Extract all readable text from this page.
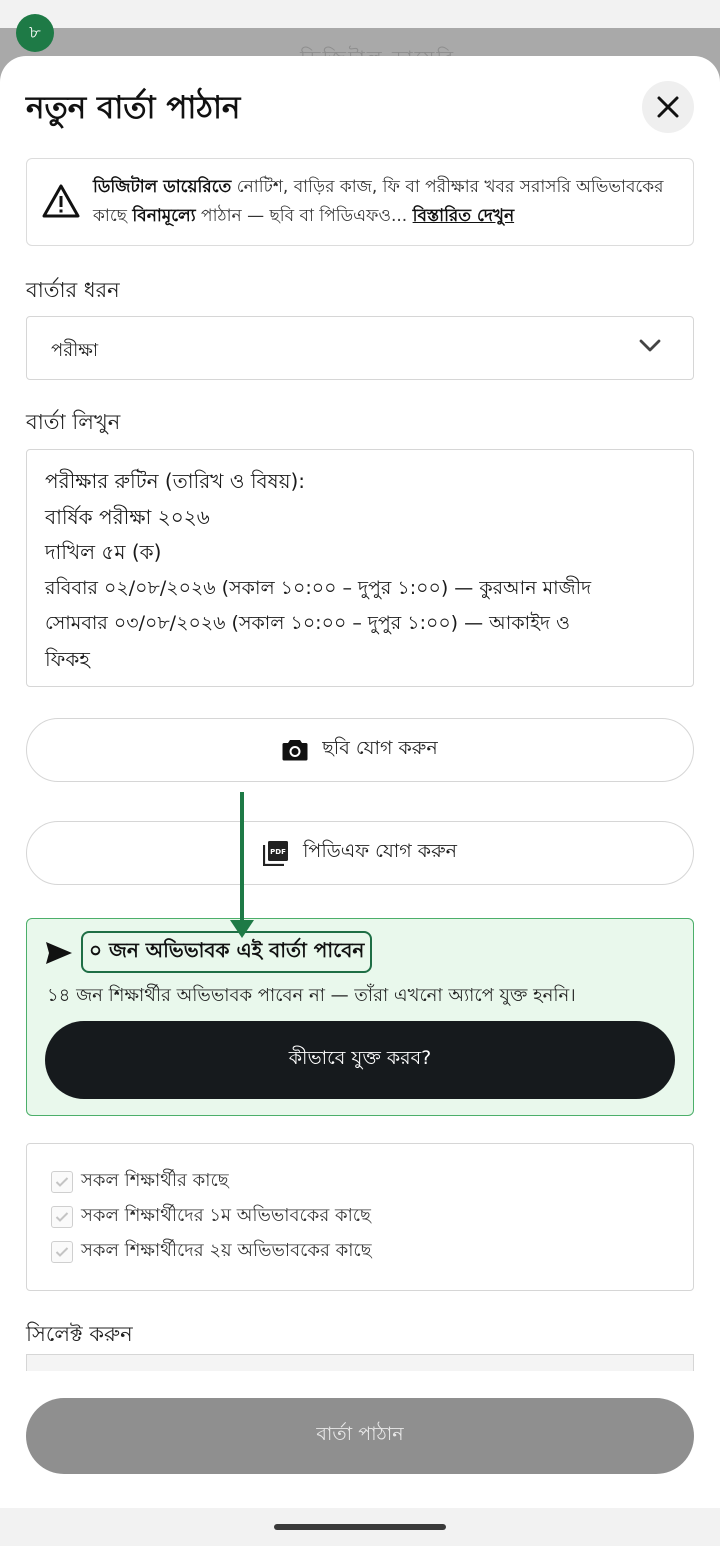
৮
নতুন বার্তা পাঠান
ডিজিটাল ডায়েরিতে নোটিশ, বাড়ির কাজ, ফি বা পরীক্ষার খবর সরাসরি অভিভাবকের কাছে বিনামূল্যে পাঠান — ছবি বা পিডিএফও... বিস্তারিত দেখুন
বার্তার ধরন
পরীক্ষা
বার্তা লিখুন
পরীক্ষার রুটিন (তারিখ ও বিষয়):
বার্ষিক পরীক্ষা ২০২৬
দাখিল ৫ম (ক)
রবিবার ০২/০৮/২০২৬ (সকাল ১০:০০ – দুপুর ১:০০) — কুরআন মাজীদ
সোমবার ০৩/০৮/২০২৬ (সকাল ১০:০০ – দুপুর ১:০০) — আকাইদ ও
ফিকহ
ছবি যোগ করুন
PDF পিডিএফ যোগ করুন
০ জন অভিভাবক এই বার্তা পাবেন
১৪ জন শিক্ষার্থীর অভিভাবক পাবেন না — তাঁরা এখনো অ্যাপে যুক্ত হননি।
কীভাবে যুক্ত করব?
সকল শিক্ষার্থীর কাছে
সকল শিক্ষার্থীদের ১ম অভিভাবকের কাছে
সকল শিক্ষার্থীদের ২য় অভিভাবকের কাছে
সিলেক্ট করুন
বার্তা পাঠান
